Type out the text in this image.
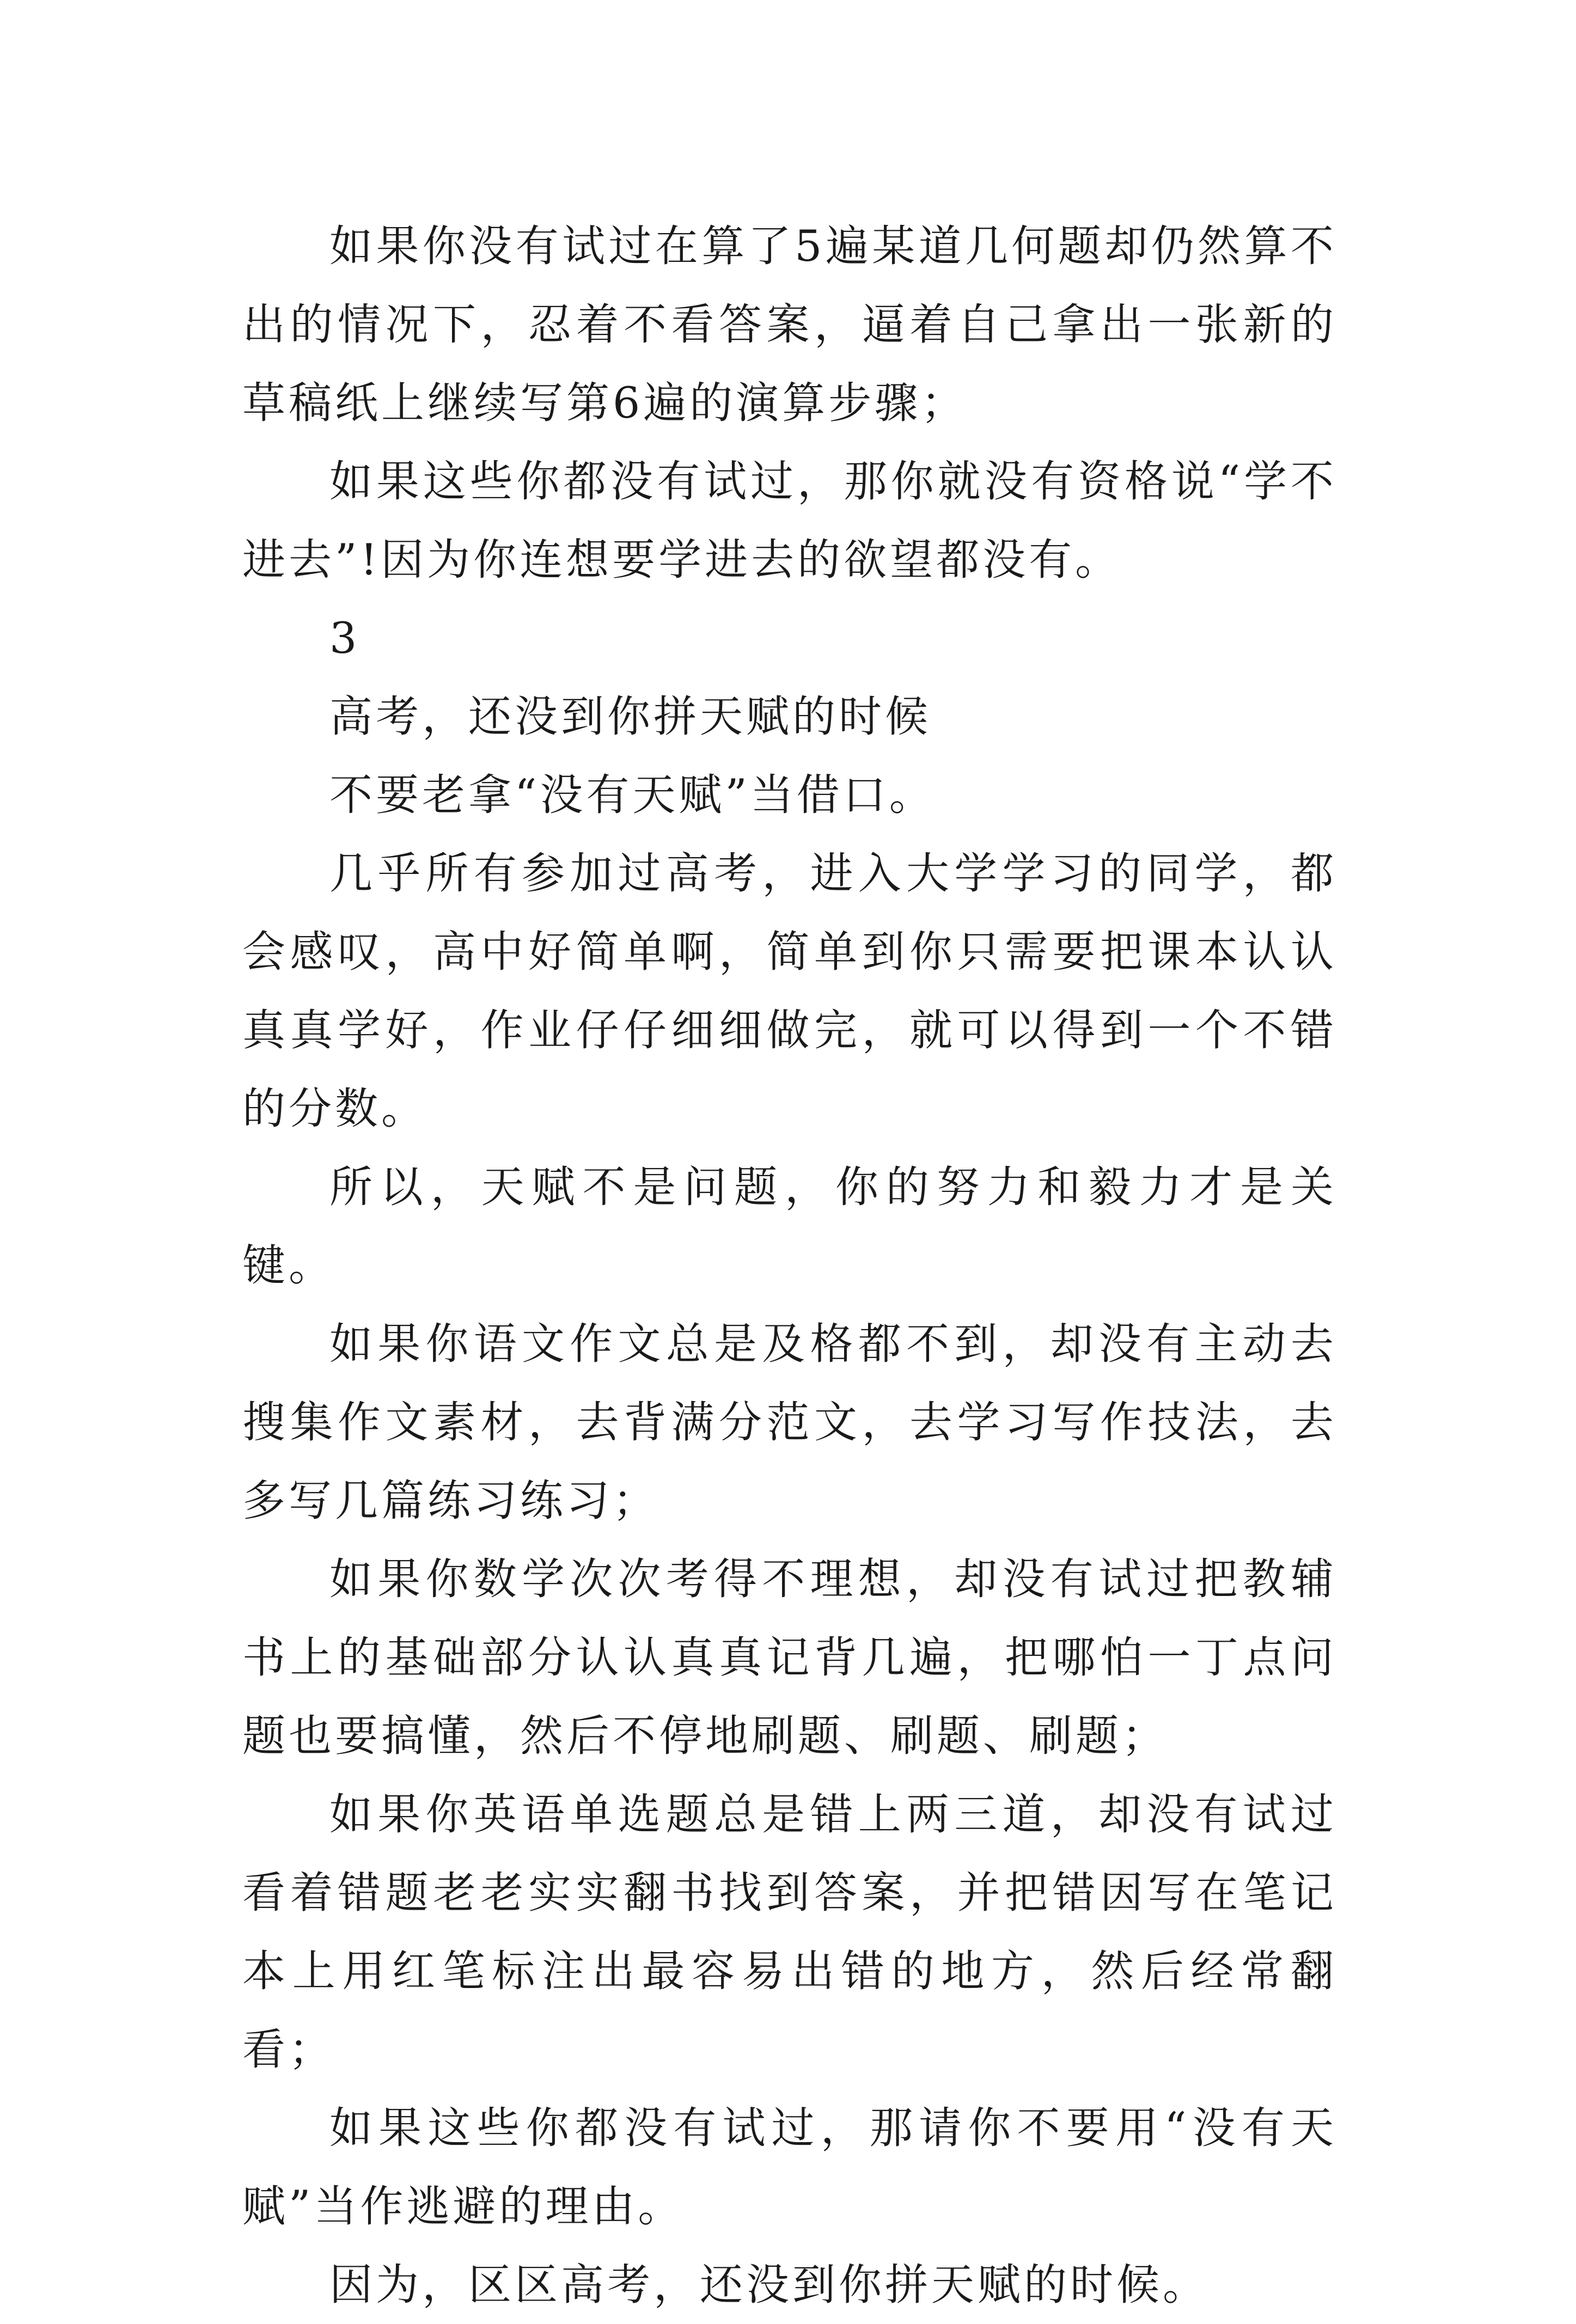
如果你没有试过在算了5遍某道几何题却仍然算不出的情况下，忍着不看答案，逼着自己拿出一张新的草稿纸上继续写第6遍的演算步骤；

如果这些你都没有试过，那你就没有资格说“学不进去”!因为你连想要学进去的欲望都没有。

3

高考，还没到你拼天赋的时候

不要老拿“没有天赋”当借口。

几乎所有参加过高考，进入大学学习的同学，都会感叹，高中好简单啊，简单到你只需要把课本认认真真学好，作业仔仔细细做完，就可以得到一个不错的分数。

所以，天赋不是问题，你的努力和毅力才是关键。

如果你语文作文总是及格都不到，却没有主动去搜集作文素材，去背满分范文，去学习写作技法，去多写几篇练习练习；

如果你数学次次考得不理想，却没有试过把教辅书上的基础部分认认真真记背几遍，把哪怕一丁点问题也要搞懂，然后不停地刷题、刷题、刷题；

如果你英语单选题总是错上两三道，却没有试过看着错题老老实实翻书找到答案，并把错因写在笔记本上用红笔标注出最容易出错的地方，然后经常翻看；

如果这些你都没有试过，那请你不要用“没有天赋”当作逃避的理由。

因为，区区高考，还没到你拼天赋的时候。
